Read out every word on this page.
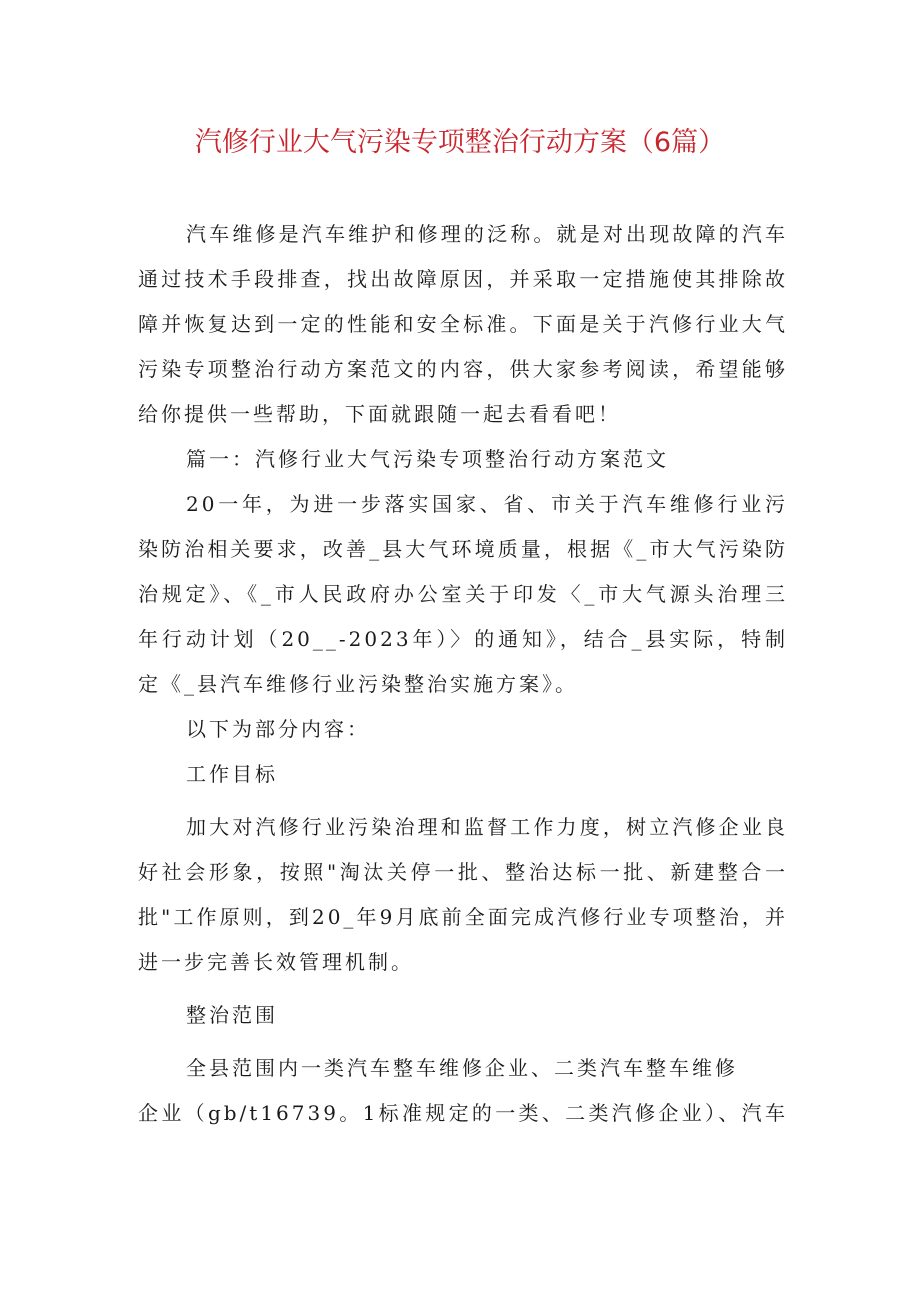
汽修行业大气污染专项整治行动方案（6篇）
汽车维修是汽车维护和修理的泛称。就是对出现故障的汽车
通过技术手段排查，找出故障原因，并采取一定措施使其排除故
障并恢复达到一定的性能和安全标准。下面是关于汽修行业大气
污染专项整治行动方案范文的内容，供大家参考阅读，希望能够
给你提供一些帮助，下面就跟随一起去看看吧！
篇一：汽修行业大气污染专项整治行动方案范文
20一年，为进一步落实国家、省、市关于汽车维修行业污
染防治相关要求，改善_县大气环境质量，根据《_市大气污染防
治规定》、《_市人民政府办公室关于印发〈_市大气源头治理三
年行动计划（20__-2023年）〉的通知》，结合_县实际，特制
定《_县汽车维修行业污染整治实施方案》。
以下为部分内容：
工作目标
加大对汽修行业污染治理和监督工作力度，树立汽修企业良
好社会形象，按照"淘汰关停一批、整治达标一批、新建整合一
批"工作原则，到20_年9月底前全面完成汽修行业专项整治，并
进一步完善长效管理机制。
整治范围
全县范围内一类汽车整车维修企业、二类汽车整车维修
企业（gb/t16739。1标准规定的一类、二类汽修企业）、汽车
